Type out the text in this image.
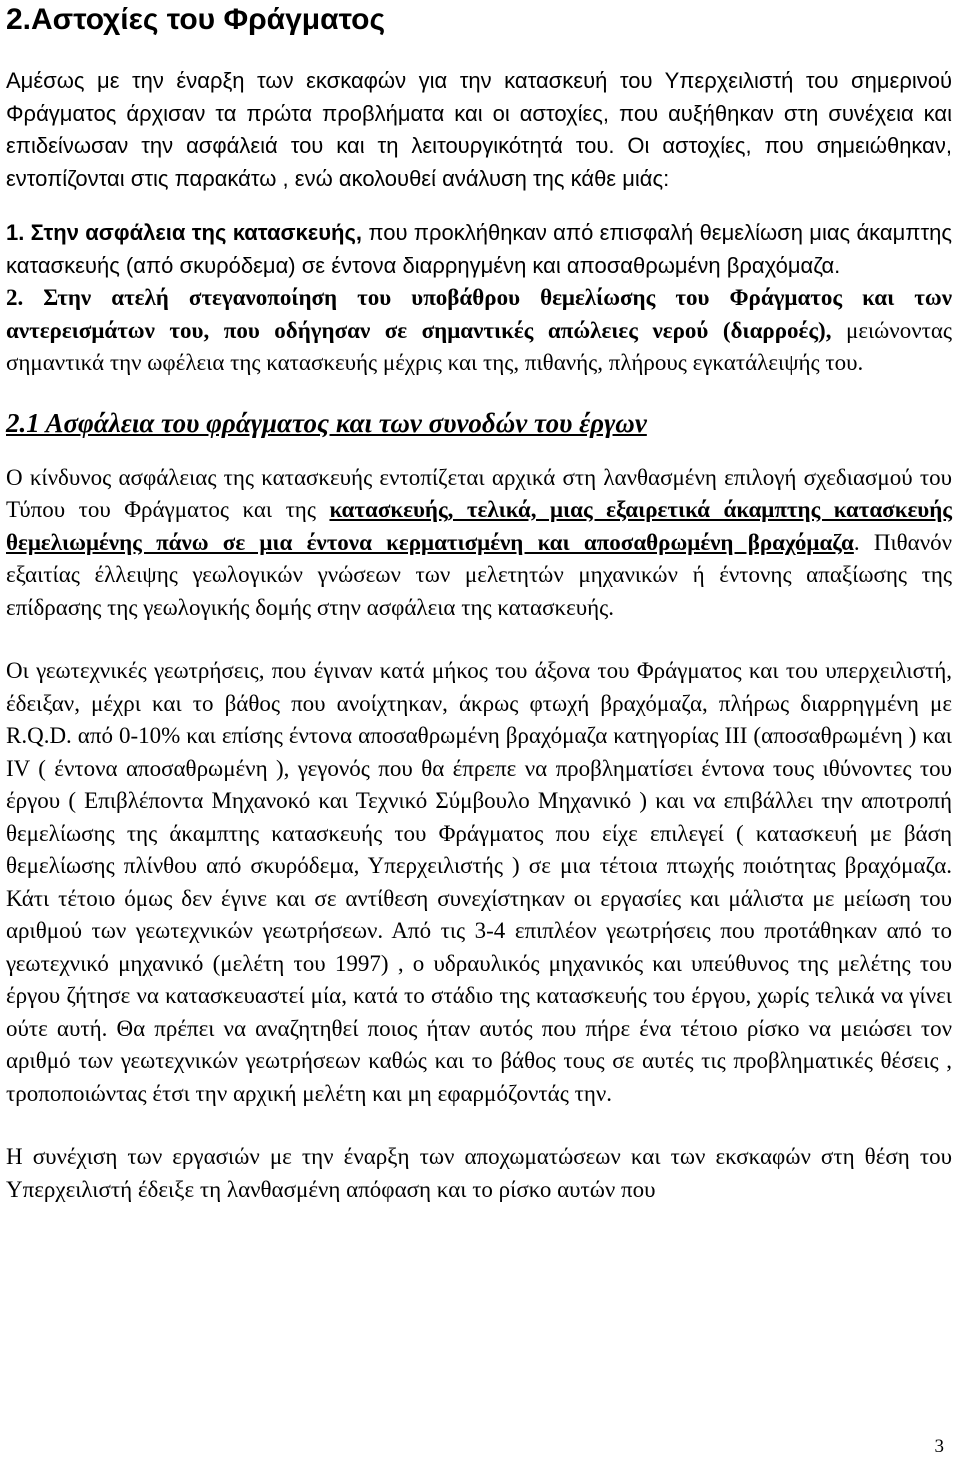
2.Αστοχίες του Φράγματος

Αμέσως με την έναρξη των εκσκαφών για την κατασκευή του Υπερχειλιστή του σημερινού Φράγματος άρχισαν τα πρώτα προβλήματα και οι αστοχίες, που αυξήθηκαν στη συνέχεια και επιδείνωσαν την ασφάλειά του και τη λειτουργικότητά του. Οι αστοχίες, που σημειώθηκαν, εντοπίζονται στις παρακάτω , ενώ ακολουθεί ανάλυση της κάθε μιάς:

1. Στην ασφάλεια της κατασκευής, που προκλήθηκαν από επισφαλή θεμελίωση μιας άκαμπτης κατασκευής (από σκυρόδεμα) σε έντονα διαρρηγμένη και αποσαθρωμένη βραχόμαζα.

2. Στην ατελή στεγανοποίηση του υποβάθρου θεμελίωσης του Φράγματος και των αντερεισμάτων του, που οδήγησαν σε σημαντικές απώλειες νερού (διαρροές), μειώνοντας σημαντικά την ωφέλεια της κατασκευής μέχρις και της, πιθανής, πλήρους εγκατάλειψής του.

2.1 Ασφάλεια του φράγματος και των συνοδών του έργων

Ο κίνδυνος ασφάλειας της κατασκευής εντοπίζεται αρχικά στη λανθασμένη επιλογή σχεδιασμού του Τύπου του Φράγματος και της κατασκευής, τελικά, μιας εξαιρετικά άκαμπτης κατασκευής θεμελιωμένης πάνω σε μια έντονα κερματισμένη και αποσαθρωμένη βραχόμαζα. Πιθανόν εξαιτίας έλλειψης γεωλογικών γνώσεων των μελετητών μηχανικών ή έντονης απαξίωσης της επίδρασης της γεωλογικής δομής στην ασφάλεια της κατασκευής.

Οι γεωτεχνικές γεωτρήσεις, που έγιναν κατά μήκος του άξονα του Φράγματος και του υπερχειλιστή, έδειξαν, μέχρι και το βάθος που ανοίχτηκαν, άκρως φτωχή βραχόμαζα, πλήρως διαρρηγμένη με R.Q.D. από 0-10% και επίσης έντονα αποσαθρωμένη βραχόμαζα κατηγορίας ΙΙΙ (αποσαθρωμένη ) και IV ( έντονα αποσαθρωμένη ), γεγονός που θα έπρεπε να προβληματίσει έντονα τους ιθύνοντες του έργου ( Επιβλέποντα Μηχανοκό και Τεχνικό Σύμβουλο Μηχανικό ) και να επιβάλλει την αποτροπή θεμελίωσης της άκαμπτης κατασκευής του Φράγματος που είχε επιλεγεί ( κατασκευή με βάση θεμελίωσης πλίνθου από σκυρόδεμα, Υπερχειλιστής ) σε μια τέτοια πτωχής ποιότητας βραχόμαζα. Κάτι τέτοιο όμως δεν έγινε και σε αντίθεση συνεχίστηκαν οι εργασίες και μάλιστα με μείωση του αριθμού των γεωτεχνικών γεωτρήσεων. Από τις 3-4 επιπλέον γεωτρήσεις που προτάθηκαν από το γεωτεχνικό μηχανικό (μελέτη του 1997) , ο υδραυλικός μηχανικός και υπεύθυνος της μελέτης του έργου ζήτησε να κατασκευαστεί μία, κατά το στάδιο της κατασκευής του έργου, χωρίς τελικά να γίνει ούτε αυτή. Θα πρέπει να αναζητηθεί ποιος ήταν αυτός που πήρε ένα τέτοιο ρίσκο να μειώσει τον αριθμό των γεωτεχνικών γεωτρήσεων καθώς και το βάθος τους σε αυτές τις προβληματικές θέσεις , τροποποιώντας έτσι την αρχική μελέτη και μη εφαρμόζοντάς την.

Η συνέχιση των εργασιών με την έναρξη των αποχωματώσεων και των εκσκαφών στη θέση του Υπερχειλιστή έδειξε τη λανθασμένη απόφαση και το ρίσκο αυτών που

3
